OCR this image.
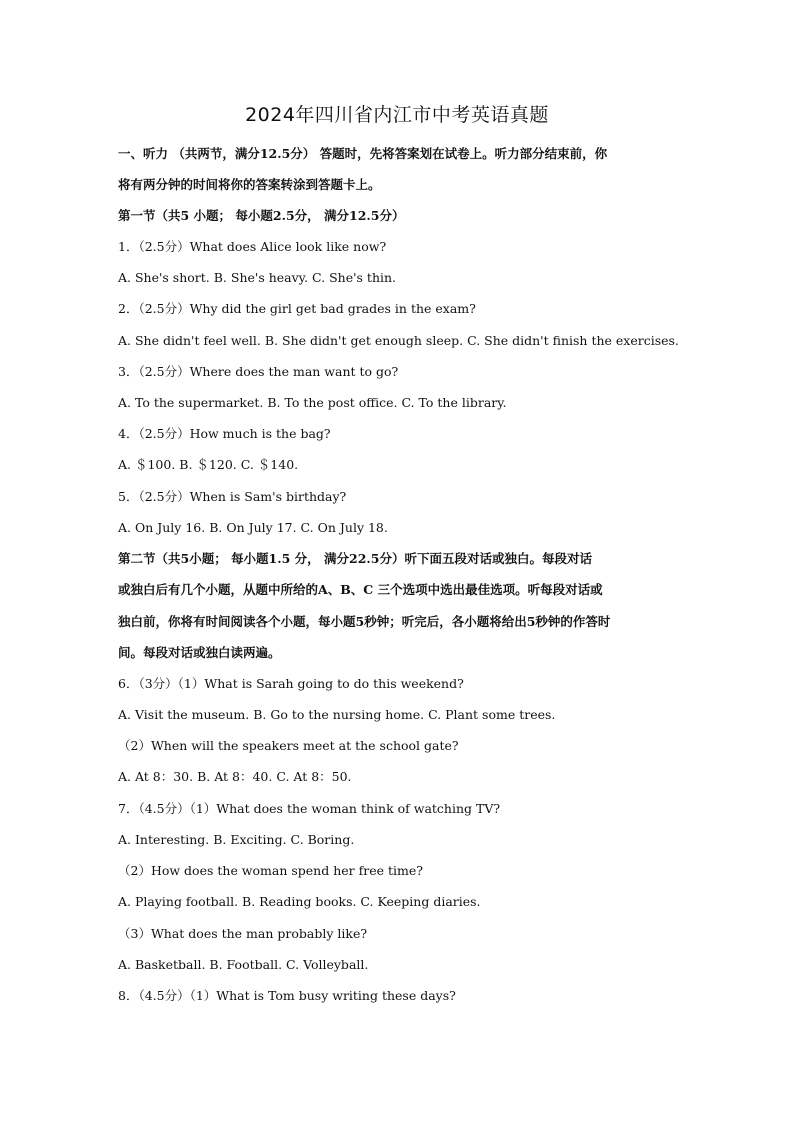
2024年四川省内江市中考英语真题
一、听力 （共两节，满分12.5分） 答题时，先将答案划在试卷上。听力部分结束前，你
将有两分钟的时间将你的答案转涂到答题卡上。
第一节（共5 小题； 每小题2.5分， 满分12.5分）
1．（2.5分）What does Alice look like now?
A. She's short. B. She's heavy. C. She's thin.
2．（2.5分）Why did the girl get bad grades in the exam?
A. She didn't feel well. B. She didn't get enough sleep. C. She didn't finish the exercises.
3．（2.5分）Where does the man want to go?
A. To the supermarket. B. To the post office. C. To the library.
4．（2.5分）How much is the bag?
A. ＄100. B. ＄120. C. ＄140.
5．（2.5分）When is Sam's birthday?
A. On July 16. B. On July 17. C. On July 18.
第二节（共5小题； 每小题1.5 分， 满分22.5分）听下面五段对话或独白。每段对话
或独白后有几个小题，从题中所给的A、B、C 三个选项中选出最佳选项。听每段对话或
独白前，你将有时间阅读各个小题，每小题5秒钟；听完后，各小题将给出5秒钟的作答时
间。每段对话或独白读两遍。
6．（3分）（1）What is Sarah going to do this weekend?
A. Visit the museum. B. Go to the nursing home. C. Plant some trees.
（2）When will the speakers meet at the school gate?
A. At 8：30. B. At 8：40. C. At 8：50.
7．（4.5分）（1）What does the woman think of watching TV?
A. Interesting. B. Exciting. C. Boring.
（2）How does the woman spend her free time?
A. Playing football. B. Reading books. C. Keeping diaries.
（3）What does the man probably like?
A. Basketball. B. Football. C. Volleyball.
8．（4.5分）（1）What is Tom busy writing these days?
